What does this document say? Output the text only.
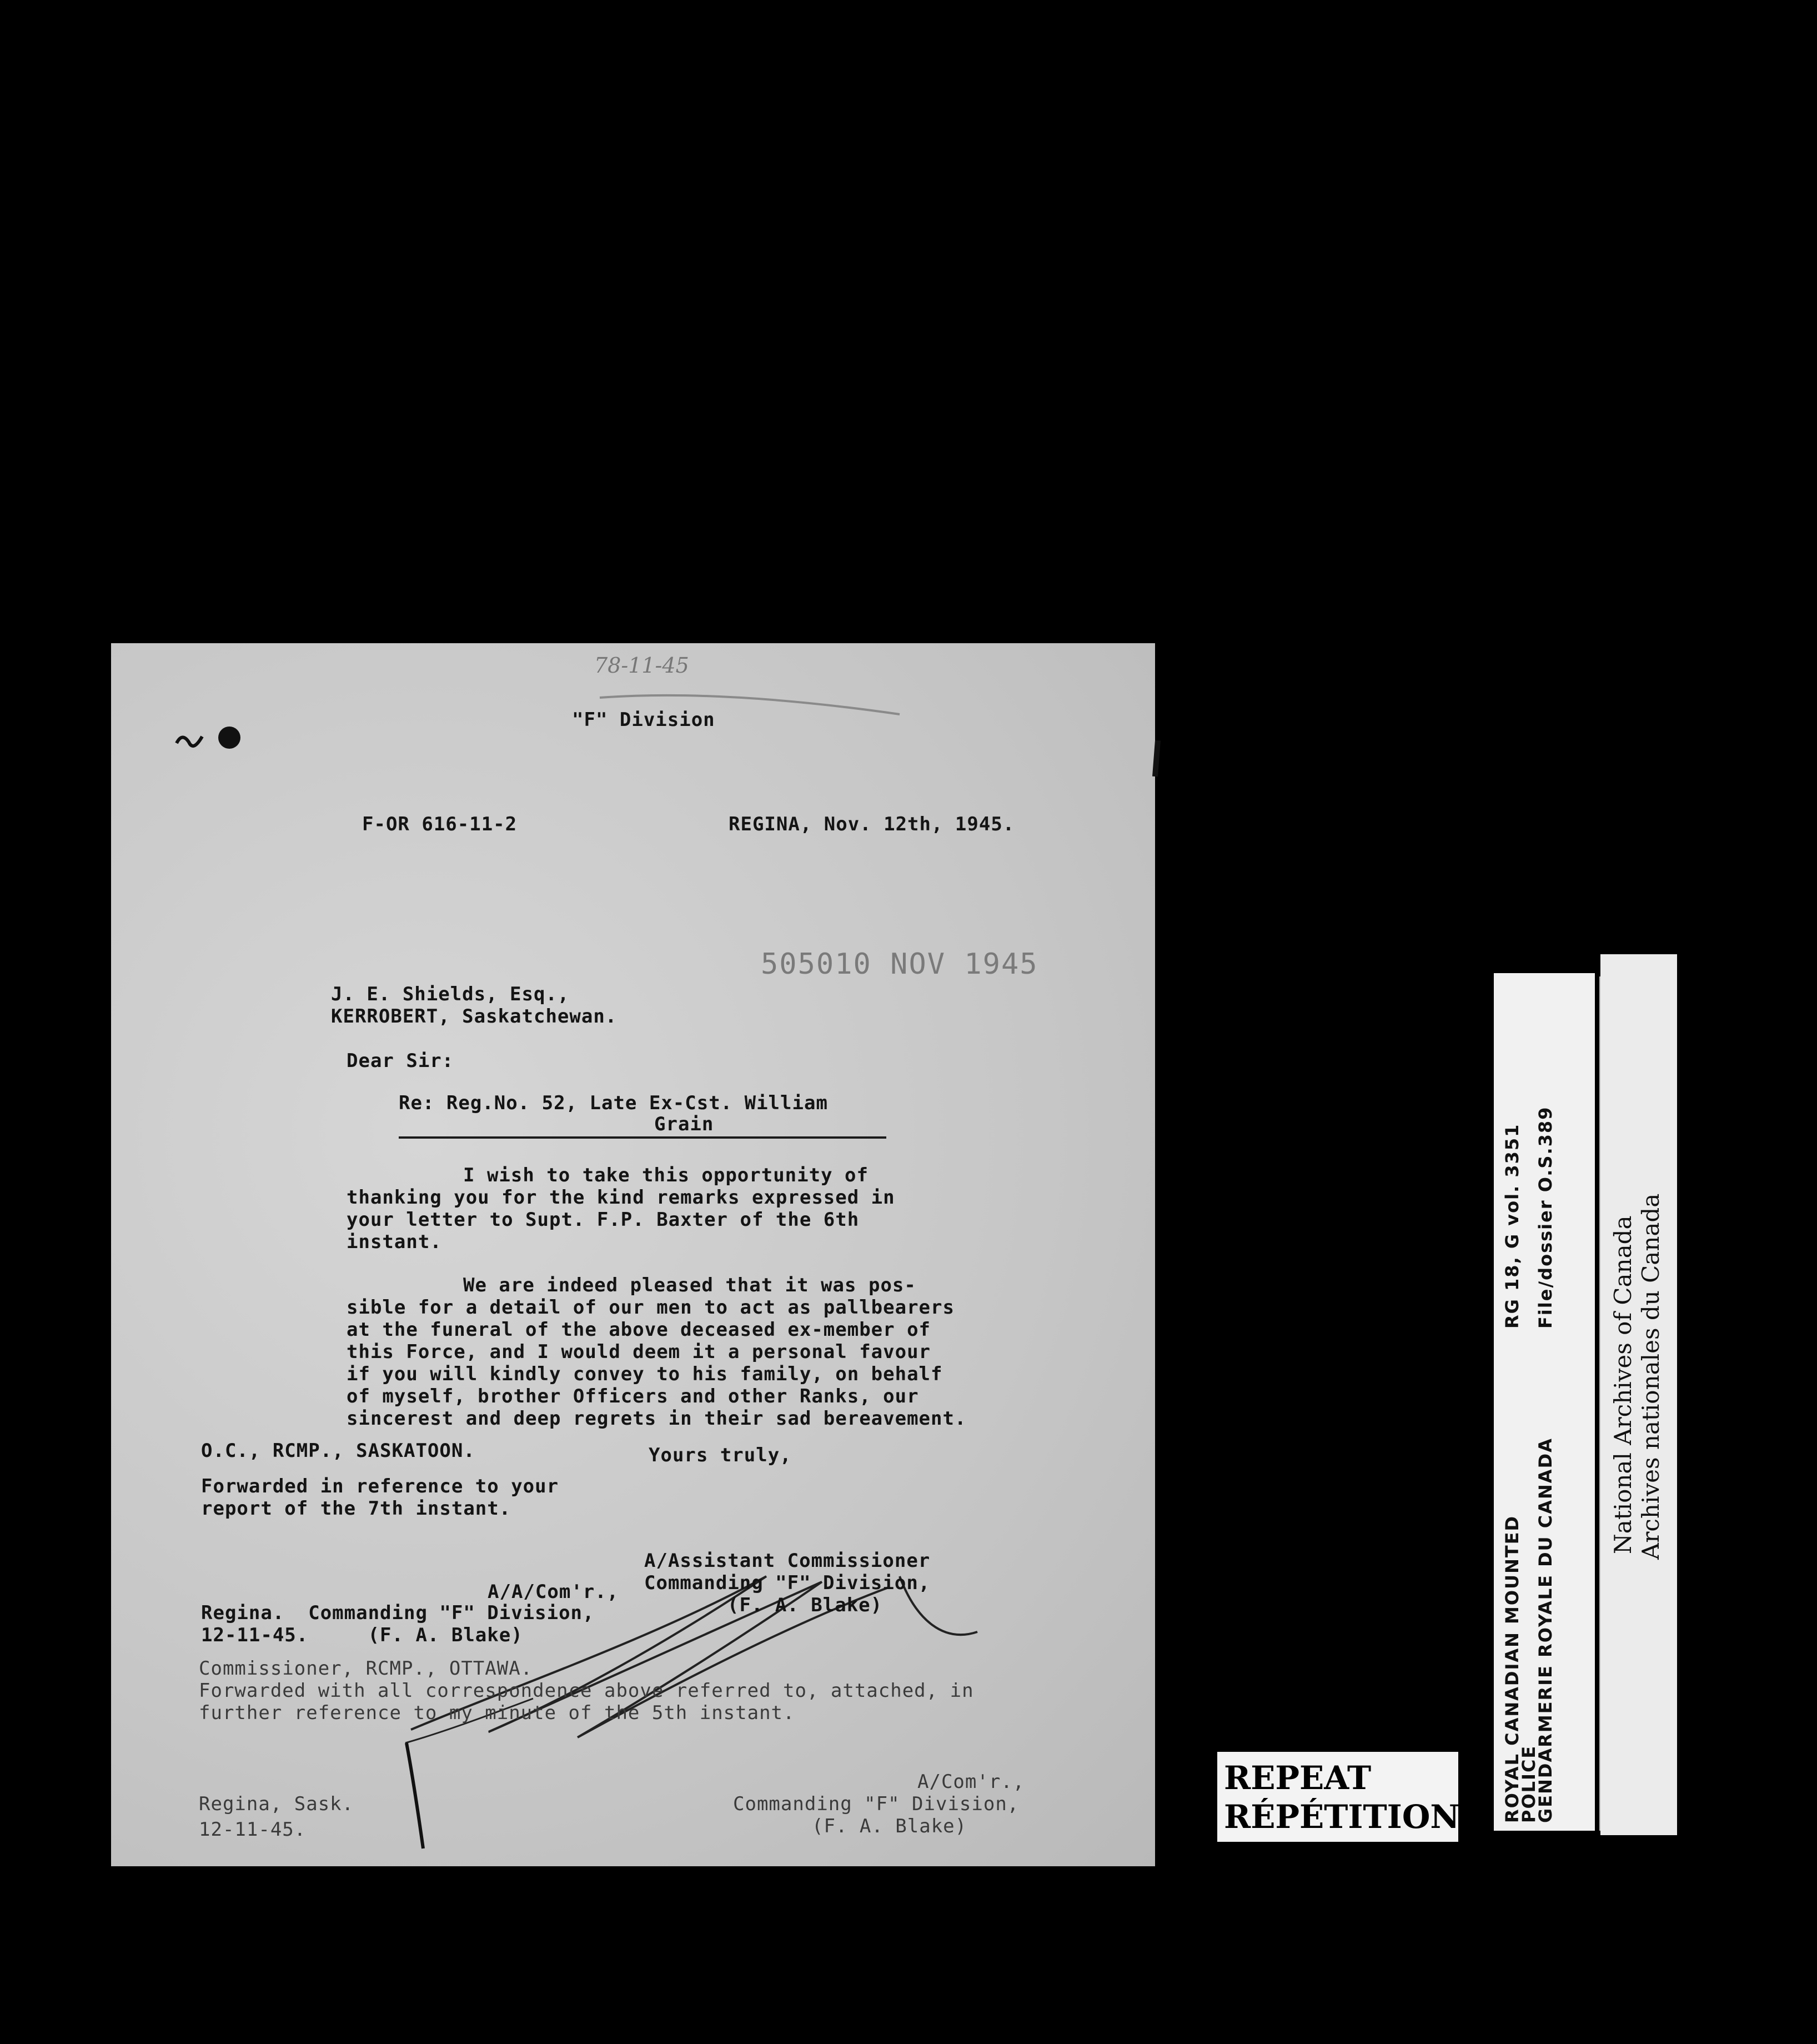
78-11-45
"F" Division
F-OR 616-11-2	REGINA, Nov. 12th, 1945.
505010 NOV 1945
J. E. Shields, Esq.,
KERROBERT, Saskatchewan.
Dear Sir:
Re: Reg.No. 52, Late Ex-Cst. William
Grain
I wish to take this opportunity of
thanking you for the kind remarks expressed in
your letter to Supt. F.P. Baxter of the 6th
instant.
We are indeed pleased that it was pos-
sible for a detail of our men to act as pallbearers
at the funeral of the above deceased ex-member of
this Force, and I would deem it a personal favour
if you will kindly convey to his family, on behalf
of myself, brother Officers and other Ranks, our
sincerest and deep regrets in their sad bereavement.
O.C., RCMP., SASKATOON.	Yours truly,
Forwarded in reference to your
report of the 7th instant.
A/Assistant Commissioner
Commanding "F" Division,
(F. A. Blake)
A/A/Com'r.,
Regina.  Commanding "F" Division,
12-11-45.     (F. A. Blake)
Commissioner, RCMP., OTTAWA.
Forwarded with all correspondence above referred to, attached, in
further reference to my minute of the 5th instant.
Regina, Sask.
12-11-45.
A/Com'r.,
Commanding "F" Division,
(F. A. Blake)
REPEAT
RÉPÉTITION ROYAL CANADIAN MOUNTED
POLICE
GENDARMERIE ROYALE DU CANADA
RG 18, G vol. 3351 File/dossier O.S.389 National Archives of Canada Archives nationales du Canada
